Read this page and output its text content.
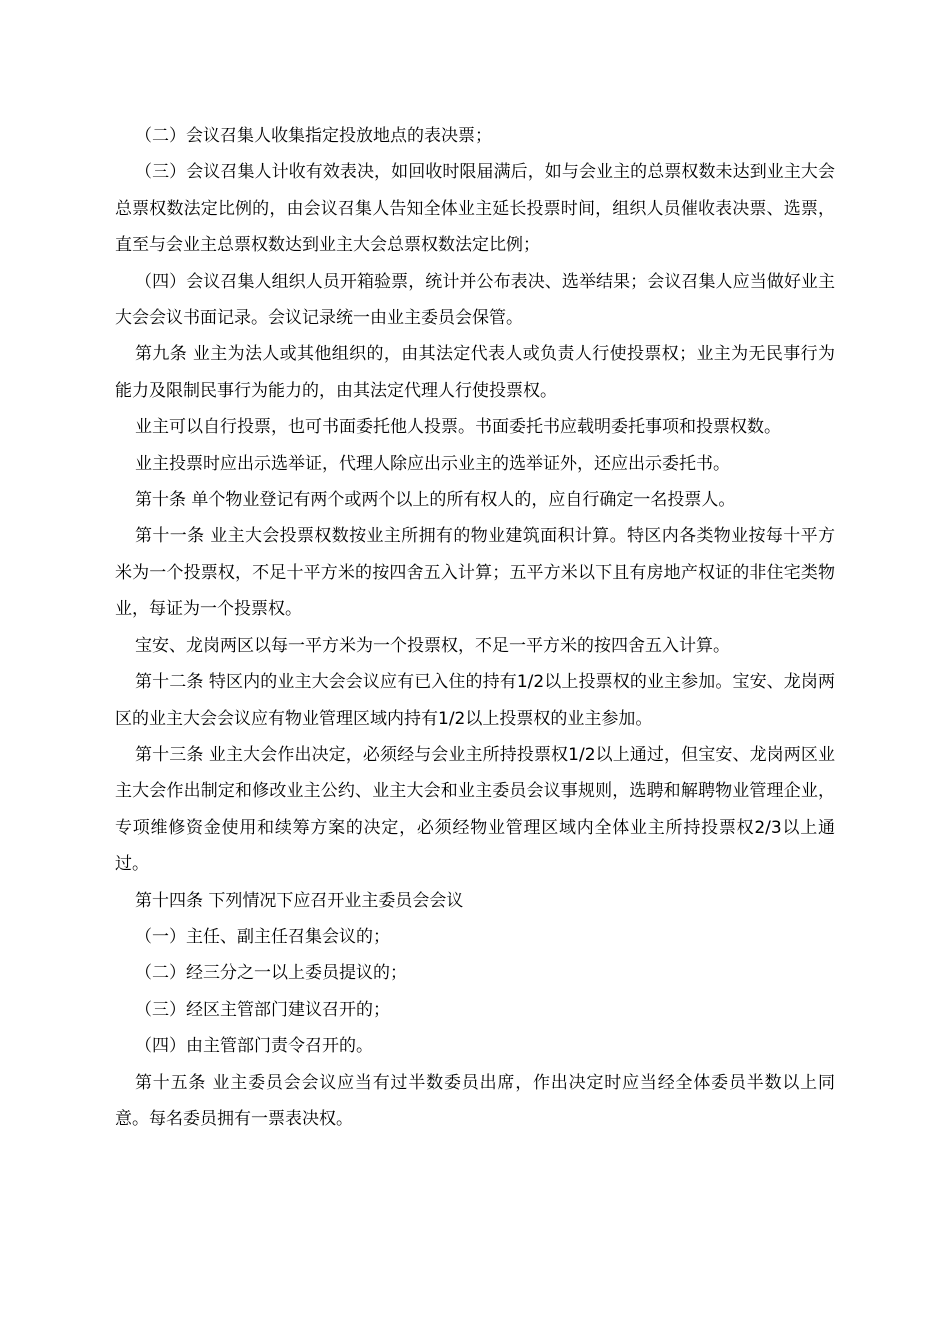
（二）会议召集人收集指定投放地点的表决票；

（三）会议召集人计收有效表决，如回收时限届满后，如与会业主的总票权数未达到业主大会总票权数法定比例的，由会议召集人告知全体业主延长投票时间，组织人员催收表决票、选票，直至与会业主总票权数达到业主大会总票权数法定比例；

（四）会议召集人组织人员开箱验票，统计并公布表决、选举结果；会议召集人应当做好业主大会会议书面记录。会议记录统一由业主委员会保管。

第九条 业主为法人或其他组织的，由其法定代表人或负责人行使投票权；业主为无民事行为能力及限制民事行为能力的，由其法定代理人行使投票权。

业主可以自行投票，也可书面委托他人投票。书面委托书应载明委托事项和投票权数。

业主投票时应出示选举证，代理人除应出示业主的选举证外，还应出示委托书。

第十条 单个物业登记有两个或两个以上的所有权人的，应自行确定一名投票人。

第十一条 业主大会投票权数按业主所拥有的物业建筑面积计算。特区内各类物业按每十平方米为一个投票权，不足十平方米的按四舍五入计算；五平方米以下且有房地产权证的非住宅类物业，每证为一个投票权。

宝安、龙岗两区以每一平方米为一个投票权，不足一平方米的按四舍五入计算。

第十二条 特区内的业主大会会议应有已入住的持有1/2以上投票权的业主参加。宝安、龙岗两区的业主大会会议应有物业管理区域内持有1/2以上投票权的业主参加。

第十三条 业主大会作出决定，必须经与会业主所持投票权1/2以上通过，但宝安、龙岗两区业主大会作出制定和修改业主公约、业主大会和业主委员会议事规则，选聘和解聘物业管理企业，专项维修资金使用和续筹方案的决定，必须经物业管理区域内全体业主所持投票权2/3以上通过。

第十四条 下列情况下应召开业主委员会会议

（一）主任、副主任召集会议的；

（二）经三分之一以上委员提议的；

（三）经区主管部门建议召开的；

（四）由主管部门责令召开的。

第十五条 业主委员会会议应当有过半数委员出席，作出决定时应当经全体委员半数以上同意。每名委员拥有一票表决权。
